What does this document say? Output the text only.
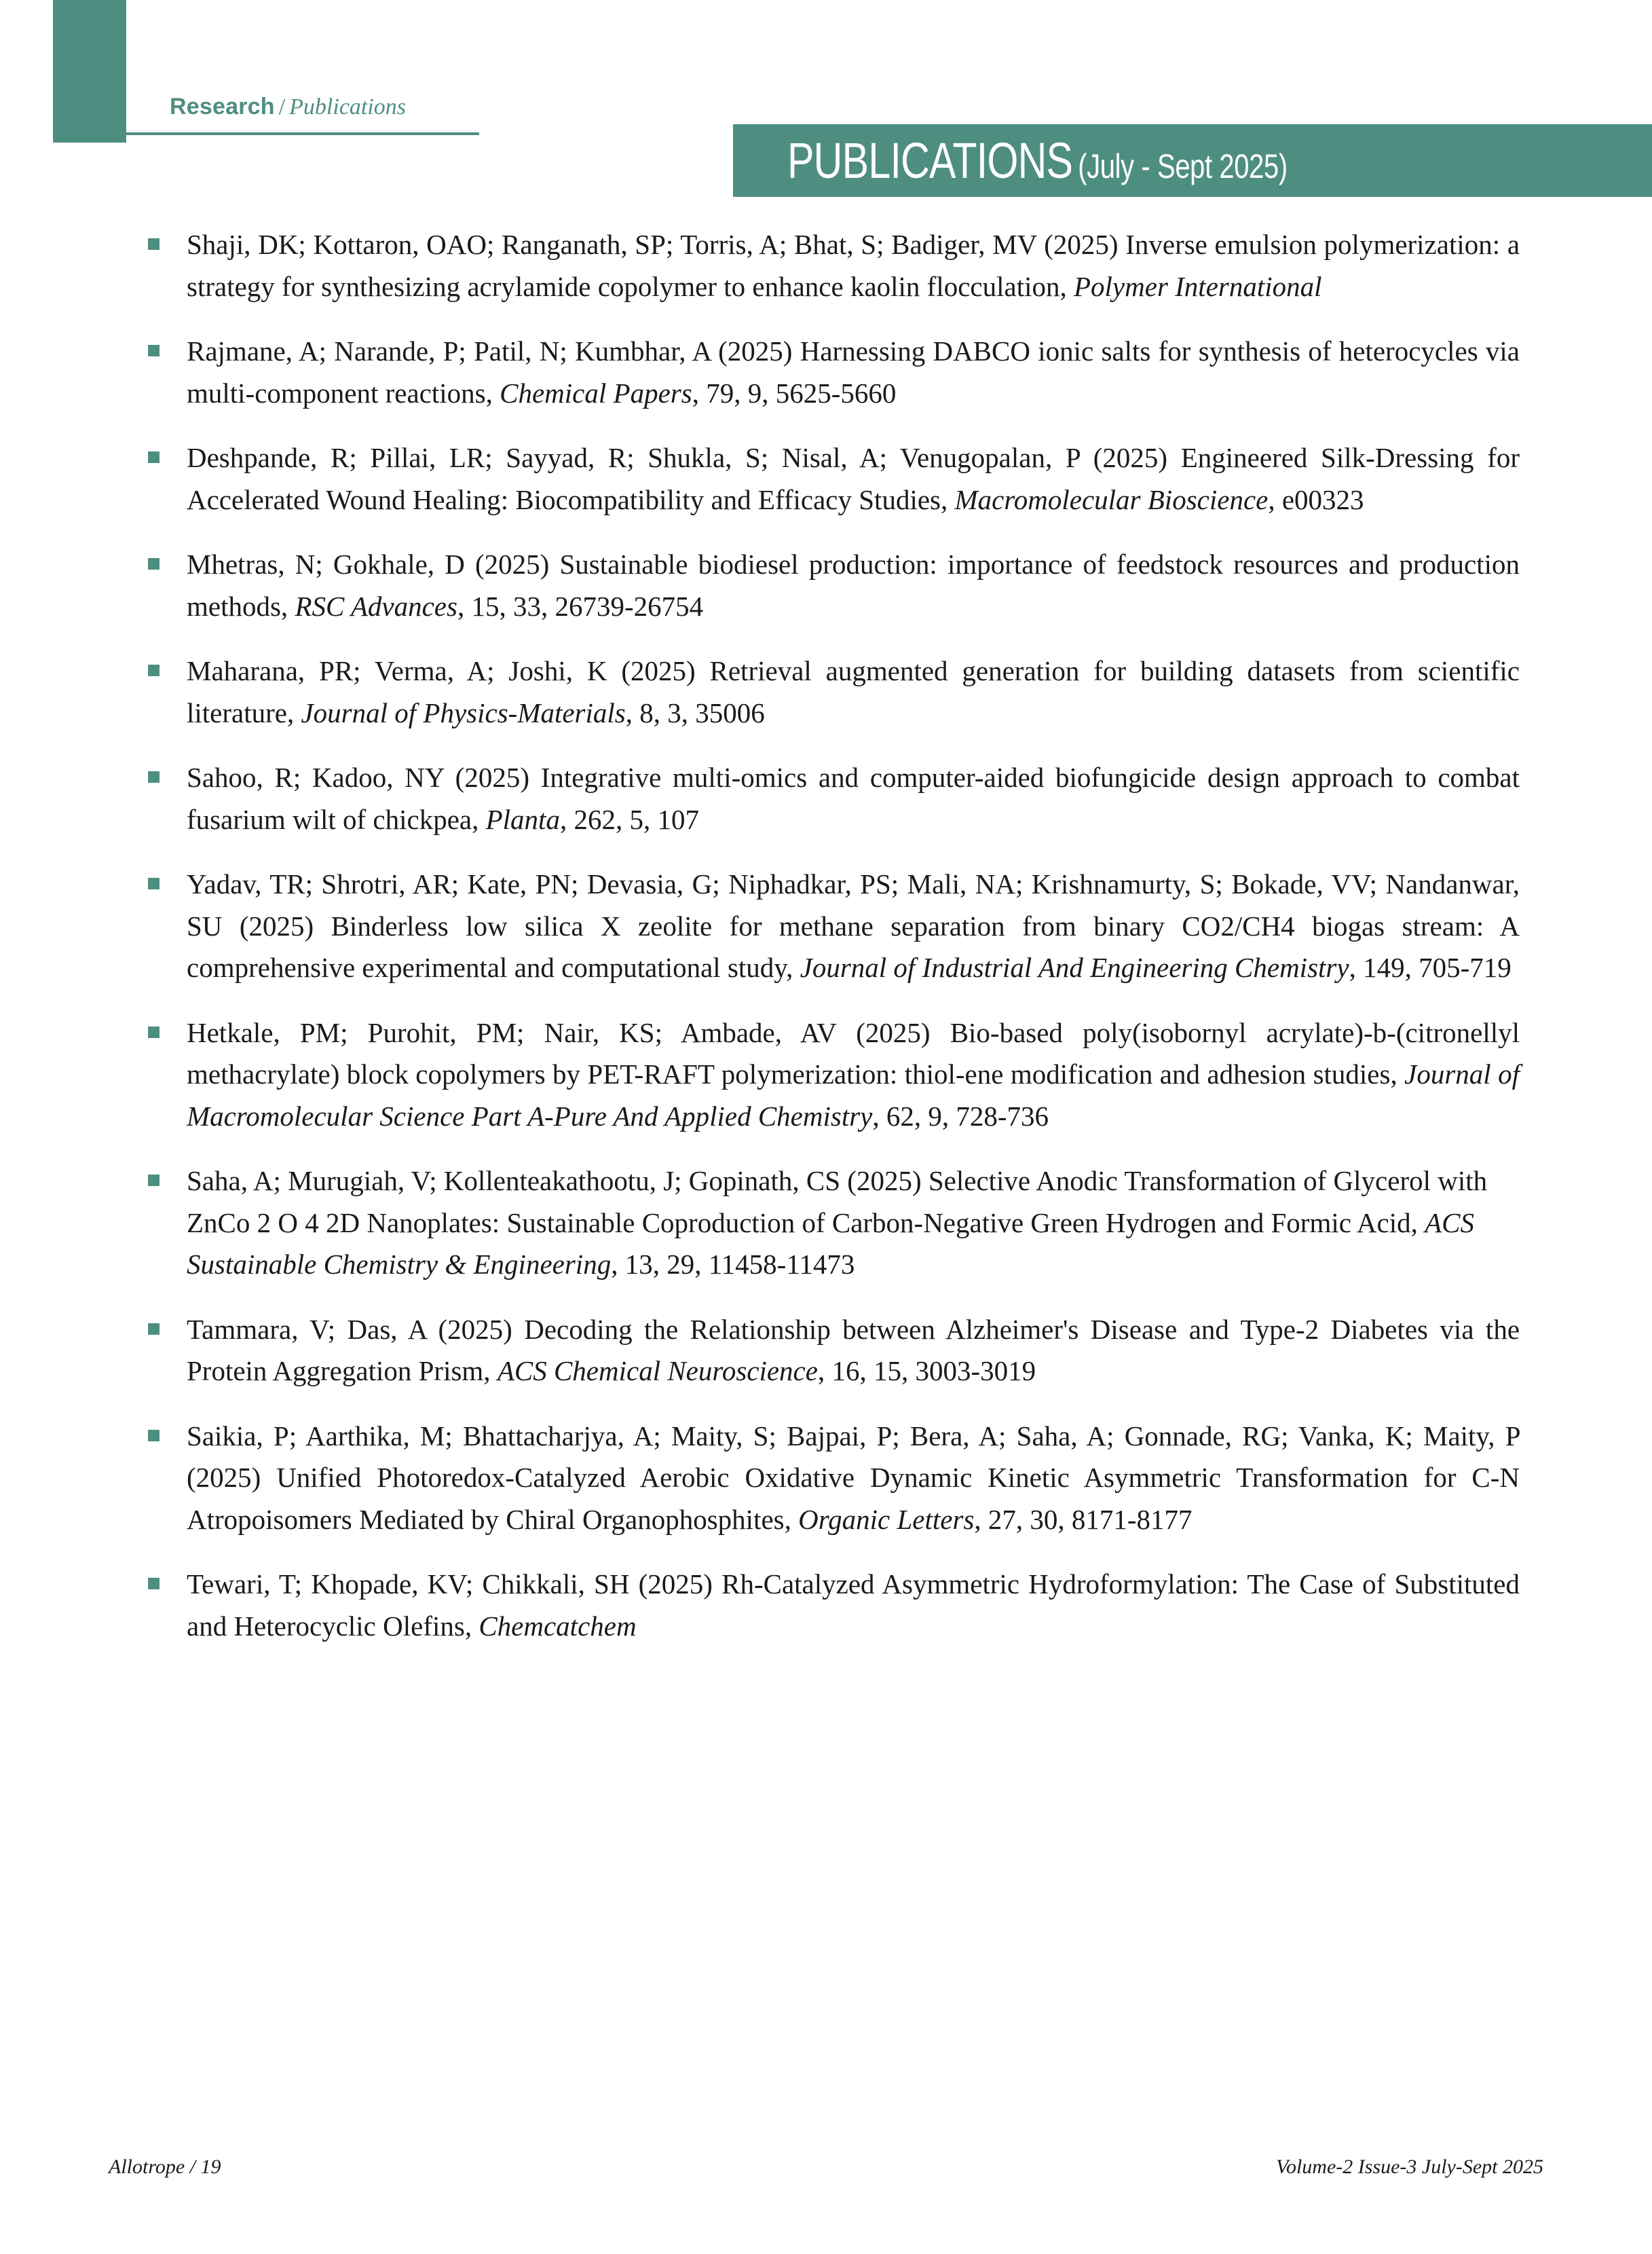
Research / Publications
PUBLICATIONS (July - Sept 2025)
Shaji, DK; Kottaron, OAO; Ranganath, SP; Torris, A; Bhat, S; Badiger, MV (2025) Inverse emulsion polymerization: a strategy for synthesizing acrylamide copolymer to enhance kaolin flocculation, Polymer International
Rajmane, A; Narande, P; Patil, N; Kumbhar, A (2025) Harnessing DABCO ionic salts for synthesis of heterocycles via multi-component reactions, Chemical Papers, 79, 9, 5625-5660
Deshpande, R; Pillai, LR; Sayyad, R; Shukla, S; Nisal, A; Venugopalan, P (2025) Engineered Silk-Dressing for Accelerated Wound Healing: Biocompatibility and Efficacy Studies, Macromolecular Bioscience, e00323
Mhetras, N; Gokhale, D (2025) Sustainable biodiesel production: importance of feedstock resources and production methods, RSC Advances, 15, 33, 26739-26754
Maharana, PR; Verma, A; Joshi, K (2025) Retrieval augmented generation for building datasets from scientific literature, Journal of Physics-Materials, 8, 3, 35006
Sahoo, R; Kadoo, NY (2025) Integrative multi-omics and computer-aided biofungicide design approach to combat fusarium wilt of chickpea, Planta, 262, 5, 107
Yadav, TR; Shrotri, AR; Kate, PN; Devasia, G; Niphadkar, PS; Mali, NA; Krishnamurty, S; Bokade, VV; Nandanwar, SU (2025) Binderless low silica X zeolite for methane separation from binary CO2/CH4 biogas stream: A comprehensive experimental and computational study, Journal of Industrial And Engineering Chemistry, 149, 705-719
Hetkale, PM; Purohit, PM; Nair, KS; Ambade, AV (2025) Bio-based poly(isobornyl acrylate)-b-(citronellyl methacrylate) block copolymers by PET-RAFT polymerization: thiol-ene modification and adhesion studies, Journal of Macromolecular Science Part A-Pure And Applied Chemistry, 62, 9, 728-736
Saha, A; Murugiah, V; Kollenteakathootu, J; Gopinath, CS (2025) Selective Anodic Transformation of Glycerol with ZnCo 2 O 4 2D Nanoplates: Sustainable Coproduction of Carbon-Negative Green Hydrogen and Formic Acid, ACS Sustainable Chemistry & Engineering, 13, 29, 11458-11473
Tammara, V; Das, A (2025) Decoding the Relationship between Alzheimer's Disease and Type-2 Diabetes via the Protein Aggregation Prism, ACS Chemical Neuroscience, 16, 15, 3003-3019
Saikia, P; Aarthika, M; Bhattacharjya, A; Maity, S; Bajpai, P; Bera, A; Saha, A; Gonnade, RG; Vanka, K; Maity, P (2025) Unified Photoredox-Catalyzed Aerobic Oxidative Dynamic Kinetic Asymmetric Transformation for C-N Atropoisomers Mediated by Chiral Organophosphites, Organic Letters, 27, 30, 8171-8177
Tewari, T; Khopade, KV; Chikkali, SH (2025) Rh-Catalyzed Asymmetric Hydroformylation: The Case of Substituted and Heterocyclic Olefins, Chemcatchem
Allotrope / 19	Volume-2 Issue-3 July-Sept 2025
